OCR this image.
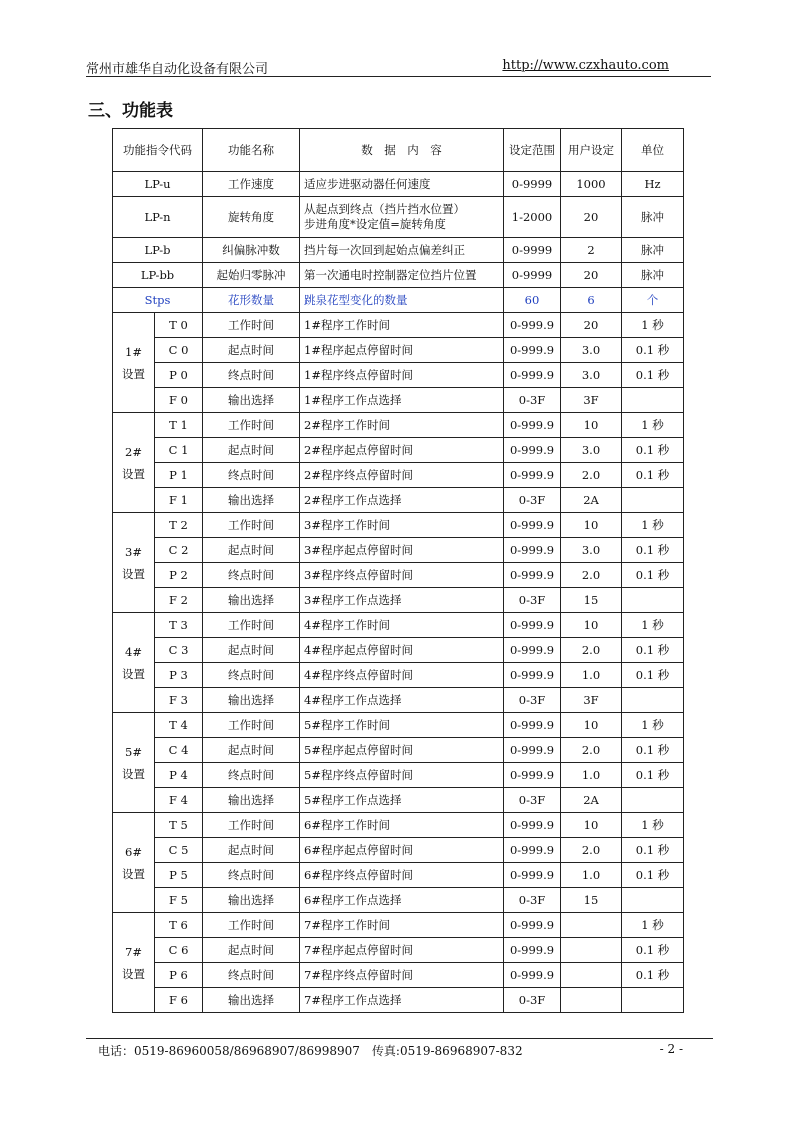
常州市雄华自动化设备有限公司	http://www.czxhauto.com
三、功能表
功能指令代码		功能名称	数　据　内　容	设定范围	用户设定	单位
LP-u		工作速度	适应步进驱动器任何速度	0-9999	1000	Hz
LP-n		旋转角度	从起点到终点（挡片挡水位置）
步进角度*设定值=旋转角度	1-2000	20	脉冲
LP-b		纠偏脉冲数	挡片每一次回到起始点偏差纠正	0-9999	2	脉冲
LP-bb		起始归零脉冲	第一次通电时控制器定位挡片位置	0-9999	20	脉冲
Stps		花形数量	跳泉花型变化的数量	60	6	个
1#设置	T 0	工作时间	1#程序工作时间	0-999.9	20	1 秒
	C 0	起点时间	1#程序起点停留时间	0-999.9	3.0	0.1 秒
	P 0	终点时间	1#程序终点停留时间	0-999.9	3.0	0.1 秒
	F 0	输出选择	1#程序工作点选择	0-3F	3F	
2#设置	T 1	工作时间	2#程序工作时间	0-999.9	10	1 秒
	C 1	起点时间	2#程序起点停留时间	0-999.9	3.0	0.1 秒
	P 1	终点时间	2#程序终点停留时间	0-999.9	2.0	0.1 秒
	F 1	输出选择	2#程序工作点选择	0-3F	2A	
3#设置	T 2	工作时间	3#程序工作时间	0-999.9	10	1 秒
	C 2	起点时间	3#程序起点停留时间	0-999.9	3.0	0.1 秒
	P 2	终点时间	3#程序终点停留时间	0-999.9	2.0	0.1 秒
	F 2	输出选择	3#程序工作点选择	0-3F	15	
4#设置	T 3	工作时间	4#程序工作时间	0-999.9	10	1 秒
	C 3	起点时间	4#程序起点停留时间	0-999.9	2.0	0.1 秒
	P 3	终点时间	4#程序终点停留时间	0-999.9	1.0	0.1 秒
	F 3	输出选择	4#程序工作点选择	0-3F	3F	
5#设置	T 4	工作时间	5#程序工作时间	0-999.9	10	1 秒
	C 4	起点时间	5#程序起点停留时间	0-999.9	2.0	0.1 秒
	P 4	终点时间	5#程序终点停留时间	0-999.9	1.0	0.1 秒
	F 4	输出选择	5#程序工作点选择	0-3F	2A	
6#设置	T 5	工作时间	6#程序工作时间	0-999.9	10	1 秒
	C 5	起点时间	6#程序起点停留时间	0-999.9	2.0	0.1 秒
	P 5	终点时间	6#程序终点停留时间	0-999.9	1.0	0.1 秒
	F 5	输出选择	6#程序工作点选择	0-3F	15	
7#设置	T 6	工作时间	7#程序工作时间	0-999.9		1 秒
	C 6	起点时间	7#程序起点停留时间	0-999.9		0.1 秒
	P 6	终点时间	7#程序终点停留时间	0-999.9		0.1 秒
	F 6	输出选择	7#程序工作点选择	0-3F		
电话：0519-86960058/86968907/86998907　传真:0519-86968907-832	- 2 -
